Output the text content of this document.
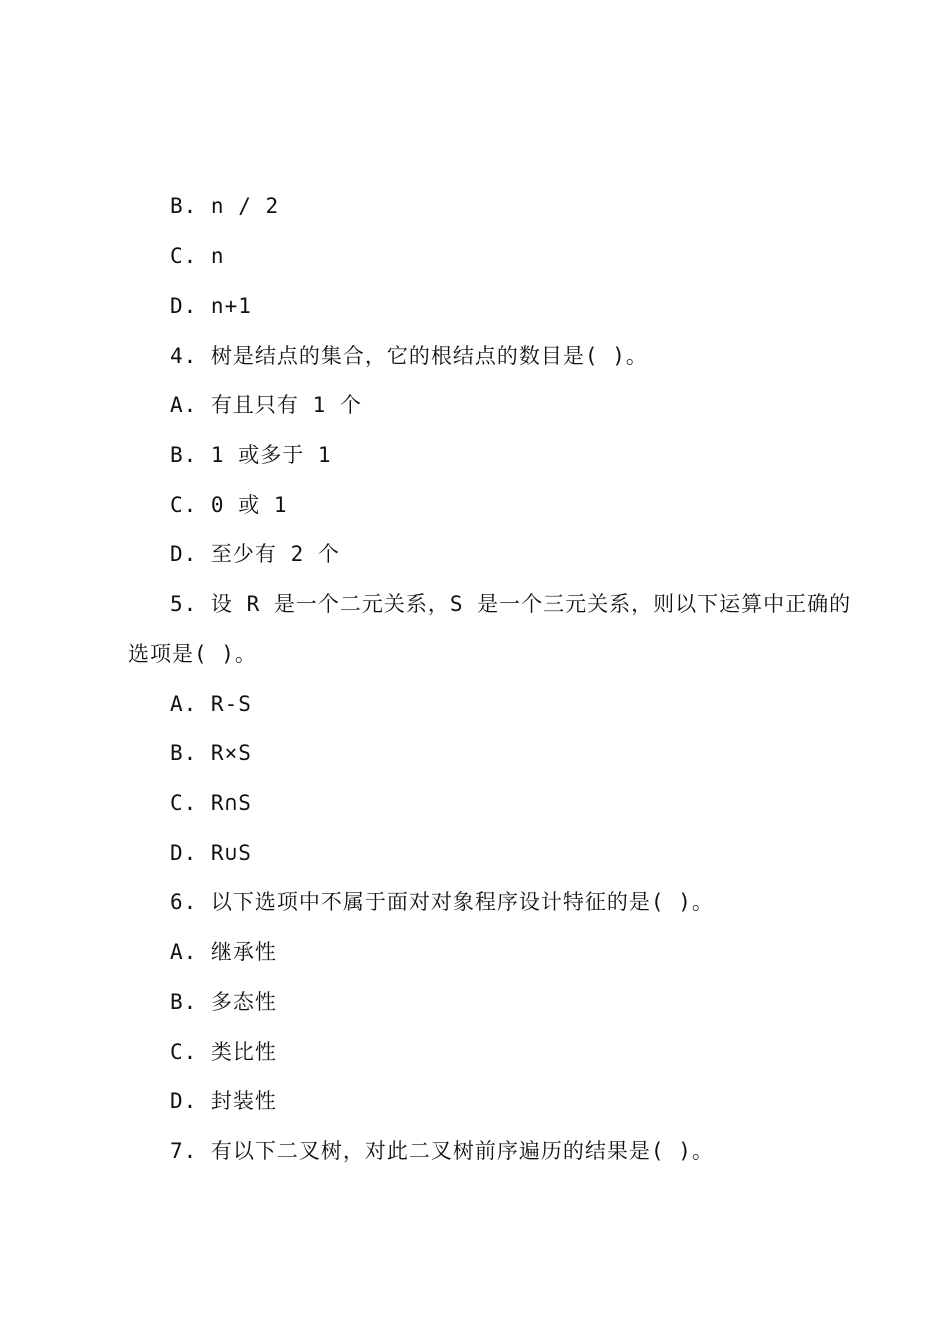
B. n / 2
C. n
D. n+1
4. 树是结点的集合，它的根结点的数目是( )。
A. 有且只有 1 个
B. 1 或多于 1
C. 0 或 1
D. 至少有 2 个
5. 设 R 是一个二元关系，S 是一个三元关系，则以下运算中正确的
选项是( )。
A. R-S
B. R×S
C. R∩S
D. R∪S
6. 以下选项中不属于面对对象程序设计特征的是( )。
A. 继承性
B. 多态性
C. 类比性
D. 封装性
7. 有以下二叉树，对此二叉树前序遍历的结果是( )。
